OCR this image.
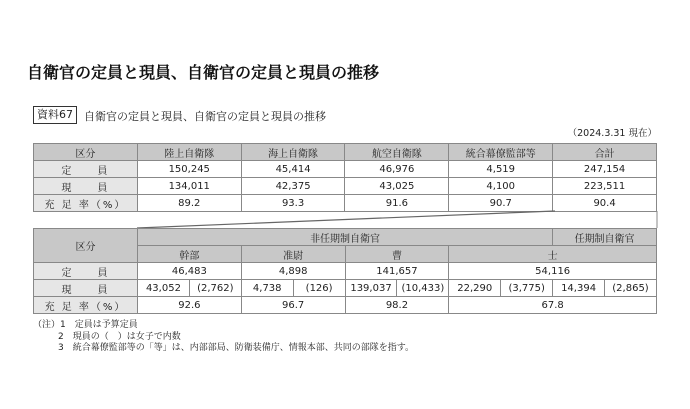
自衛官の定員と現員、自衛官の定員と現員の推移
資料67	自衛官の定員と現員、自衛官の定員と現員の推移
（2024.3.31 現在）
区分	陸上自衛隊	海上自衛隊	航空自衛隊	統合幕僚監部等	合計
定　　員	150,245	45,414	46,976	4,519	247,154
現　　員	134,011	42,375	43,025	4,100	223,511
充 足 率（%）	89.2	93.3	91.6	90.7	90.4
区分	非任期制自衛官								任期制自衛官	
	幹部		准尉		曹		士			
定　　員	46,483		4,898		141,657		54,116			
現　　員	43,052	(2,762)	4,738	(126)	139,037	(10,433)	22,290	(3,775)	14,394	(2,865)
充 足 率（%）	92.6		96.7		98.2		67.8			
（注）1　定員は予算定員
2　現員の（　）は女子で内数
3　統合幕僚監部等の「等」は、内部部局、防衛装備庁、情報本部、共同の部隊を指す。
